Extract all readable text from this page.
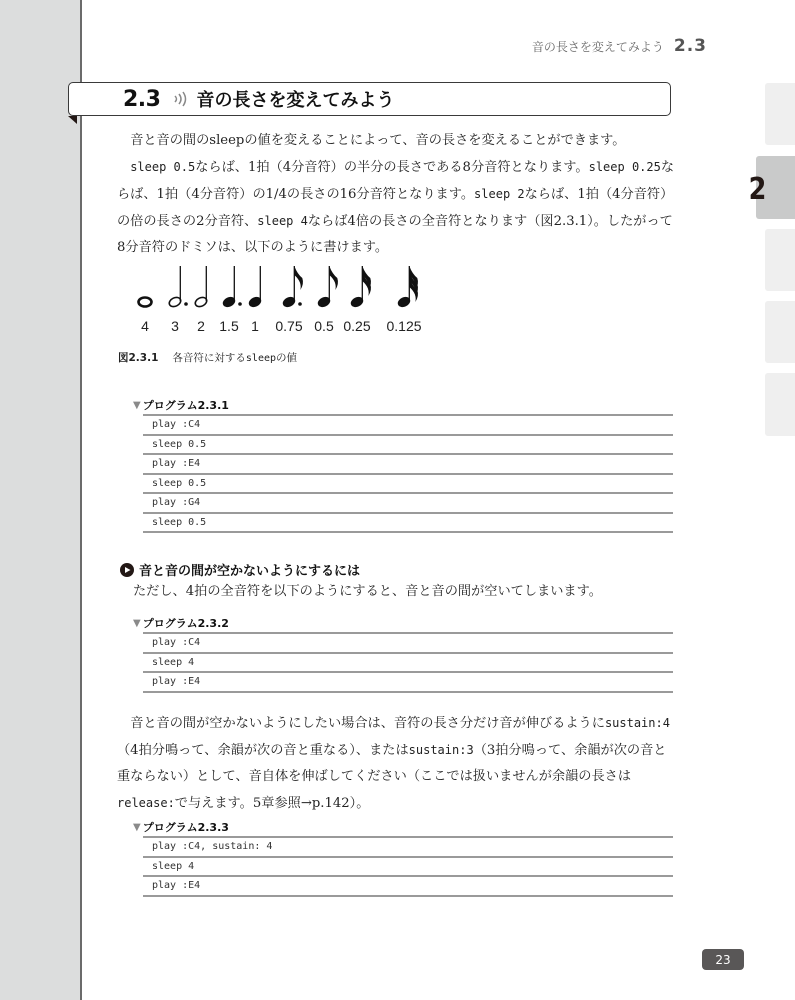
音の長さを変えてみよう 2.3
2.3 音の長さを変えてみよう

音と音の間のsleepの値を変えることによって、音の長さを変えることができます。

sleep 0.5ならば、1拍（4分音符）の半分の長さである8分音符となります。sleep 0.25ならば、1拍（4分音符）の1/4の長さの16分音符となります。sleep 2ならば、1拍（4分音符）の倍の長さの2分音符、sleep 4ならば4倍の長さの全音符となります（図2.3.1）。したがって8分音符のドミソは、以下のように書けます。

4 3 2 1.5 1 0.75 0.5 0.25 0.125
図2.3.1 各音符に対するsleepの値
▼ プログラム2.3.1
play :C4
sleep 0.5
play :E4
sleep 0.5
play :G4
sleep 0.5
音と音の間が空かないようにするには

ただし、4拍の全音符を以下のようにすると、音と音の間が空いてしまいます。

▼ プログラム2.3.2
play :C4
sleep 4
play :E4

音と音の間が空かないようにしたい場合は、音符の長さ分だけ音が伸びるようにsustain:4（4拍分鳴って、余韻が次の音と重なる）、またはsustain:3（3拍分鳴って、余韻が次の音と重ならない）として、音自体を伸ばしてください（ここでは扱いませんが余韻の長さはrelease:で与えます。5章参照→p.142）。

▼ プログラム2.3.3
play :C4, sustain: 4
sleep 4
play :E4
2
23
